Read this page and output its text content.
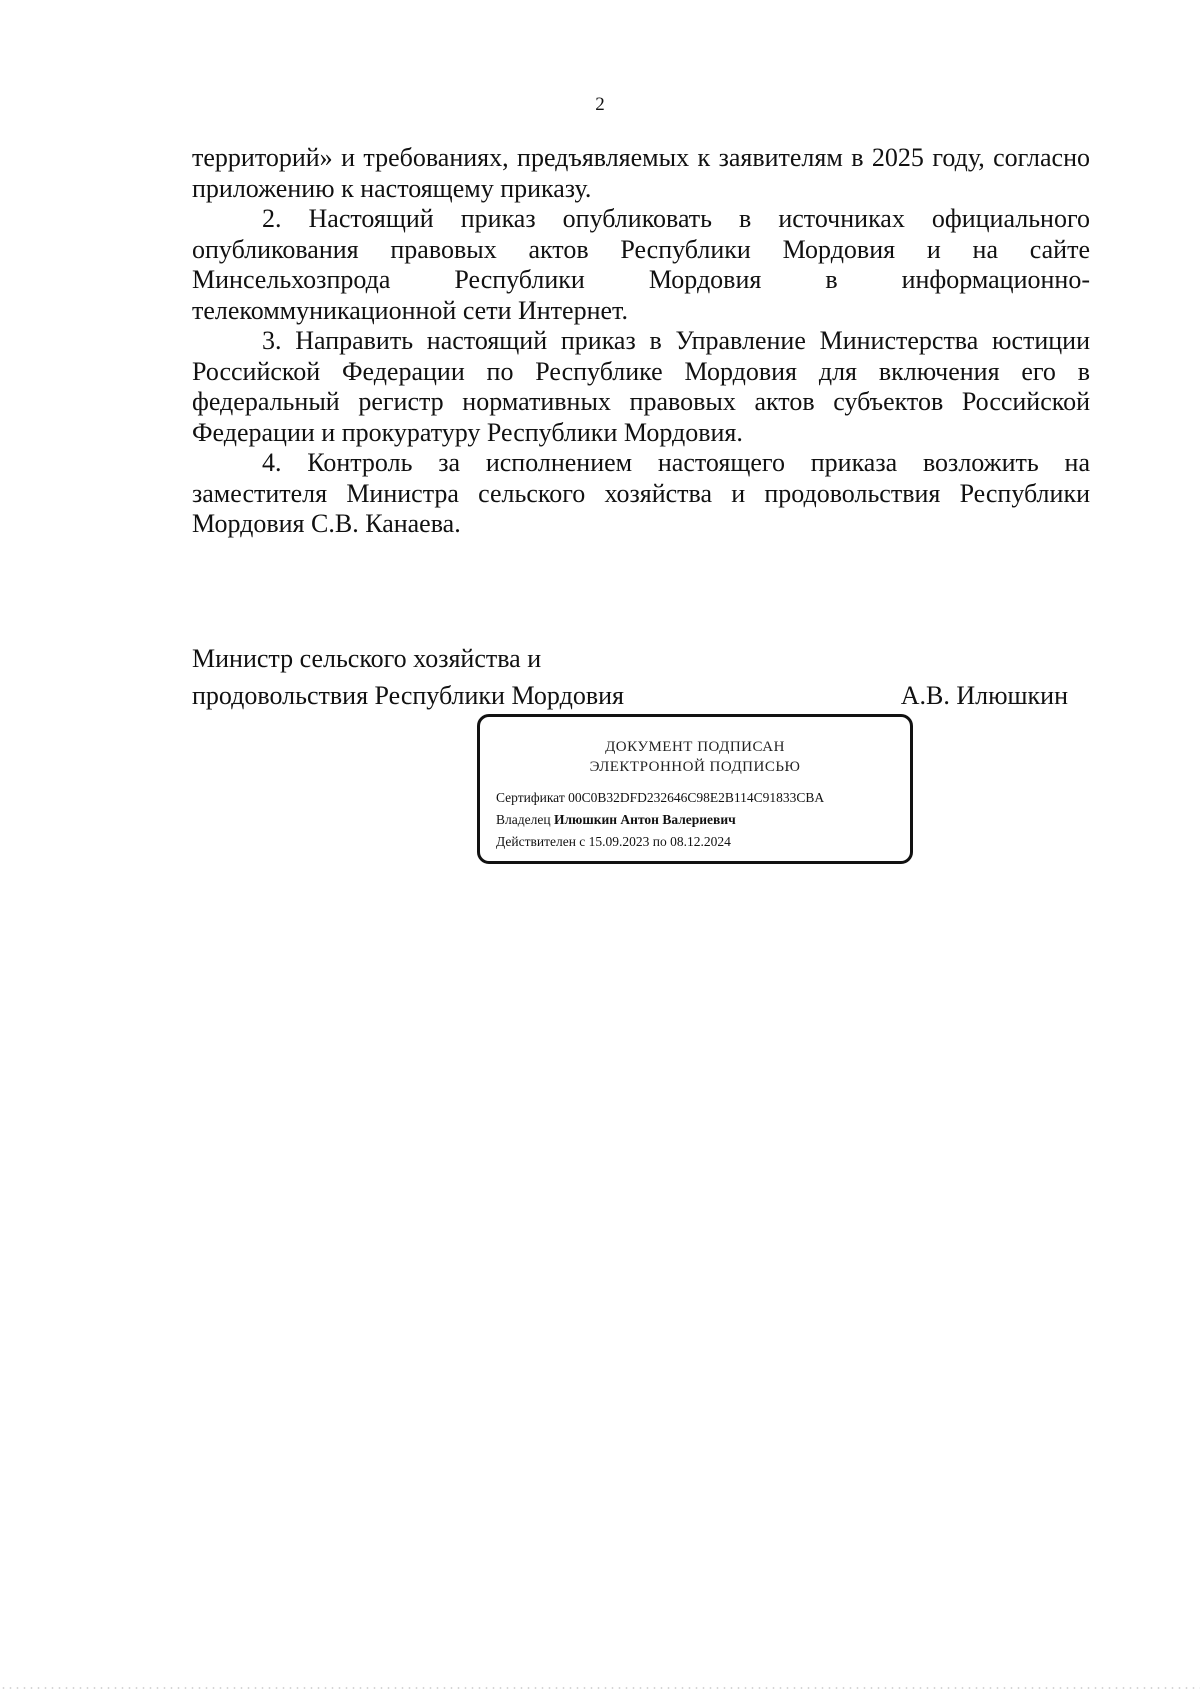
2

территорий» и требованиях, предъявляемых к заявителям в 2025 году, согласно приложению к настоящему приказу.

2. Настоящий приказ опубликовать в источниках официального опубликования правовых актов Республики Мордовия и на сайте Минсельхозпрода Республики Мордовия в информационно-телекоммуникационной сети Интернет.

3. Направить настоящий приказ в Управление Министерства юстиции Российской Федерации по Республике Мордовия для включения его в федеральный регистр нормативных правовых актов субъектов Российской Федерации и прокуратуру Республики Мордовия.

4. Контроль за исполнением настоящего приказа возложить на заместителя Министра сельского хозяйства и продовольствия Республики Мордовия С.В. Канаева.

Министр сельского хозяйства и
продовольствия Республики Мордовия	А.В. Илюшкин
ДОКУМЕНТ ПОДПИСАН
ЭЛЕКТРОННОЙ ПОДПИСЬЮ
Сертификат 00C0B32DFD232646C98E2B114C91833CBA
Владелец Илюшкин Антон Валериевич
Действителен с 15.09.2023 по 08.12.2024
